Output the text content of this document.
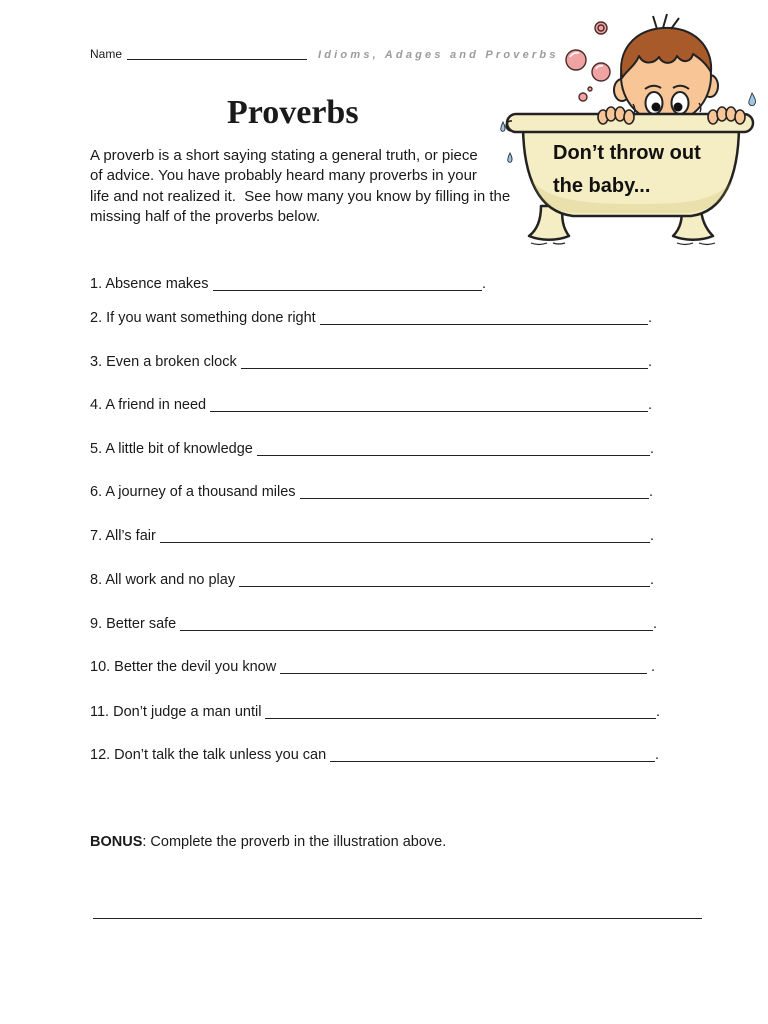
Name	Idioms, Adages and Proverbs
Proverbs
A proverb is a short saying stating a general truth, or piece
of advice. You have probably heard many proverbs in your
life and not realized it.  See how many you know by filling in the
missing half of the proverbs below.
Don’t throw out
the baby...
1. Absence makes	.
2. If you want something done right	.
3. Even a broken clock	.
4. A friend in need	.
5. A little bit of knowledge	.
6. A journey of a thousand miles	.
7. All’s fair	.
8. All work and no play	.
9. Better safe	.
10. Better the devil you know	.
11. Don’t judge a man until	.
12. Don’t talk the talk unless you can	.
BONUS: Complete the proverb in the illustration above.
